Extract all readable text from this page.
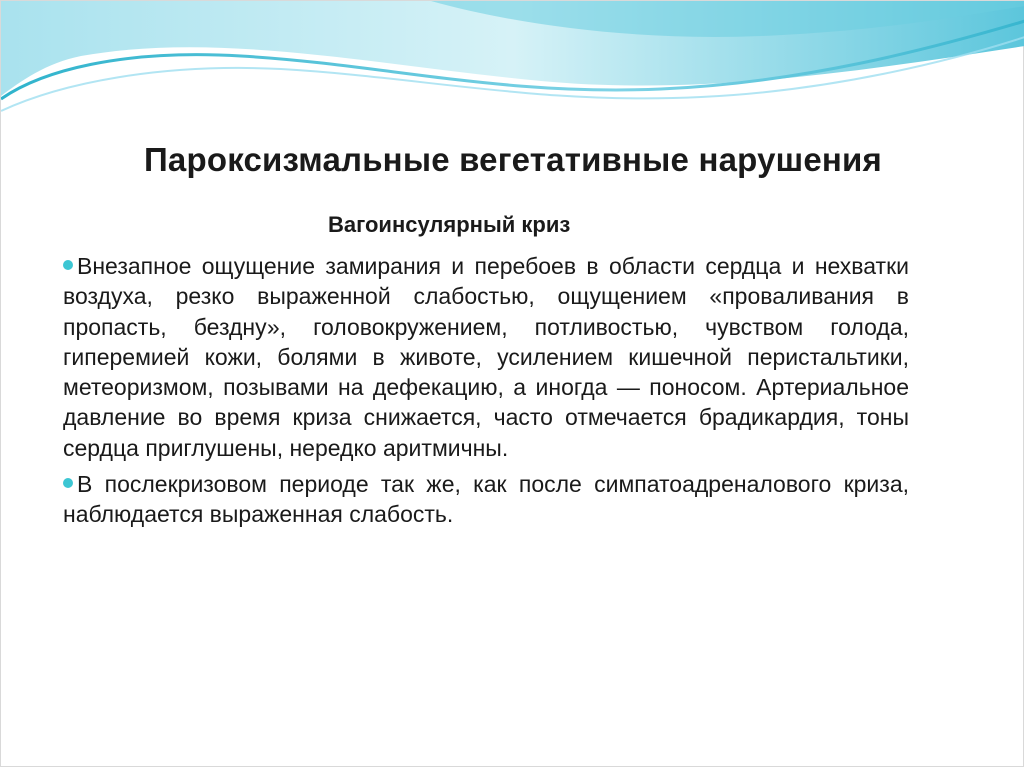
Пароксизмальные вегетативные нарушения
Вагоинсулярный криз
Внезапное ощущение замирания и перебоев в области сердца и нехватки воздуха, резко выраженной слабостью, ощущением «проваливания в пропасть, бездну», головокружением, потливостью, чувством голода, гиперемией кожи, болями в животе, усилением кишечной перистальтики, метеоризмом, позывами на дефекацию, а иногда — поносом. Артериальное давление во время криза снижается, часто отмечается брадикардия, тоны сердца приглушены, нередко аритмичны.
В послекризовом периоде так же, как после симпатоадреналового криза, наблюдается выраженная слабость.
